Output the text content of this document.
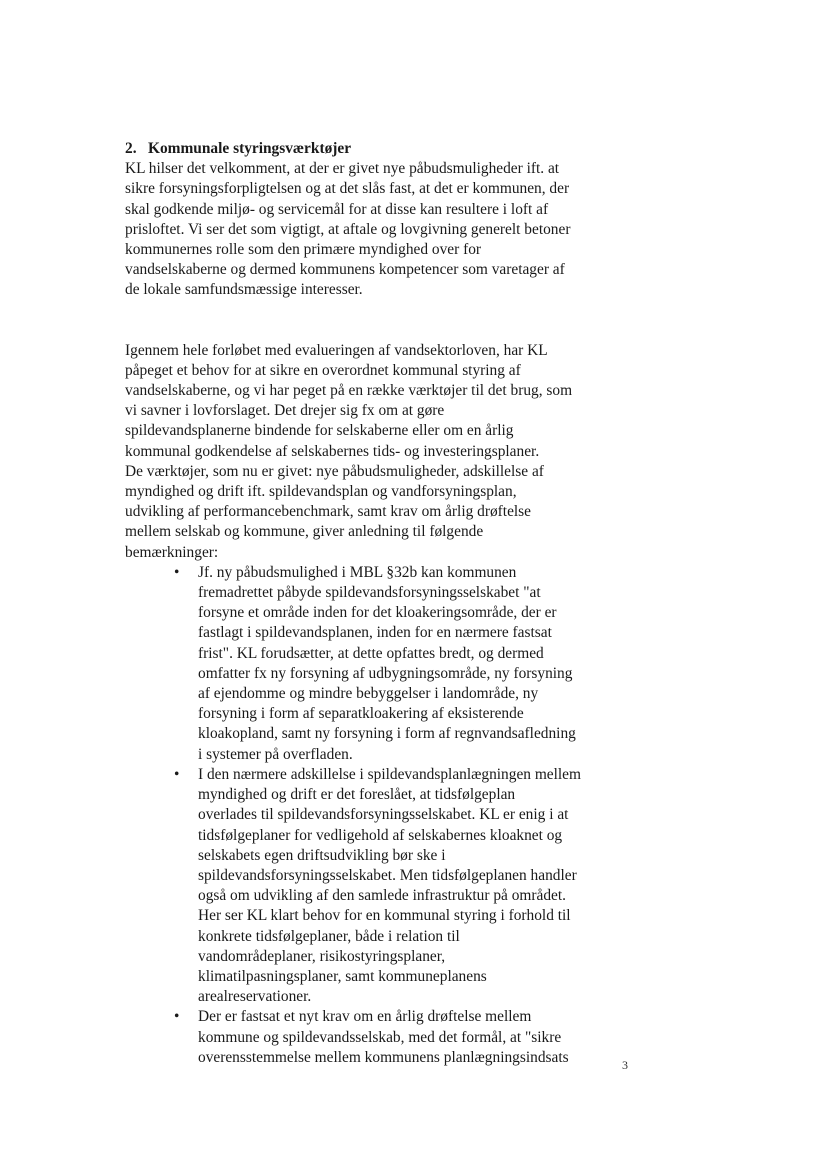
2. Kommunale styringsværktøjer

KL hilser det velkomment, at der er givet nye påbudsmuligheder ift. at

sikre forsyningsforpligtelsen og at det slås fast, at det er kommunen, der

skal godkende miljø- og servicemål for at disse kan resultere i loft af

prisloftet. Vi ser det som vigtigt, at aftale og lovgivning generelt betoner

kommunernes rolle som den primære myndighed over for

vandselskaberne og dermed kommunens kompetencer som varetager af

de lokale samfundsmæssige interesser.

Igennem hele forløbet med evalueringen af vandsektorloven, har KL

påpeget et behov for at sikre en overordnet kommunal styring af

vandselskaberne, og vi har peget på en række værktøjer til det brug, som

vi savner i lovforslaget. Det drejer sig fx om at gøre

spildevandsplanerne bindende for selskaberne eller om en årlig

kommunal godkendelse af selskabernes tids- og investeringsplaner.

De værktøjer, som nu er givet: nye påbudsmuligheder, adskillelse af

myndighed og drift ift. spildevandsplan og vandforsyningsplan,

udvikling af performancebenchmark, samt krav om årlig drøftelse

mellem selskab og kommune, giver anledning til følgende

bemærkninger:

• Jf. ny påbudsmulighed i MBL §32b kan kommunen

fremadrettet påbyde spildevandsforsyningsselskabet "at

forsyne et område inden for det kloakeringsområde, der er

fastlagt i spildevandsplanen, inden for en nærmere fastsat

frist". KL forudsætter, at dette opfattes bredt, og dermed

omfatter fx ny forsyning af udbygningsområde, ny forsyning

af ejendomme og mindre bebyggelser i landområde, ny

forsyning i form af separatkloakering af eksisterende

kloakopland, samt ny forsyning i form af regnvandsafledning

i systemer på overfladen.

• I den nærmere adskillelse i spildevandsplanlægningen mellem

myndighed og drift er det foreslået, at tidsfølgeplan

overlades til spildevandsforsyningsselskabet. KL er enig i at

tidsfølgeplaner for vedligehold af selskabernes kloaknet og

selskabets egen driftsudvikling bør ske i

spildevandsforsyningsselskabet. Men tidsfølgeplanen handler

også om udvikling af den samlede infrastruktur på området.

Her ser KL klart behov for en kommunal styring i forhold til

konkrete tidsfølgeplaner, både i relation til

vandområdeplaner, risikostyringsplaner,

klimatilpasningsplaner, samt kommuneplanens

arealreservationer.

• Der er fastsat et nyt krav om en årlig drøftelse mellem

kommune og spildevandsselskab, med det formål, at "sikre

overensstemmelse mellem kommunens planlægningsindsats	3
